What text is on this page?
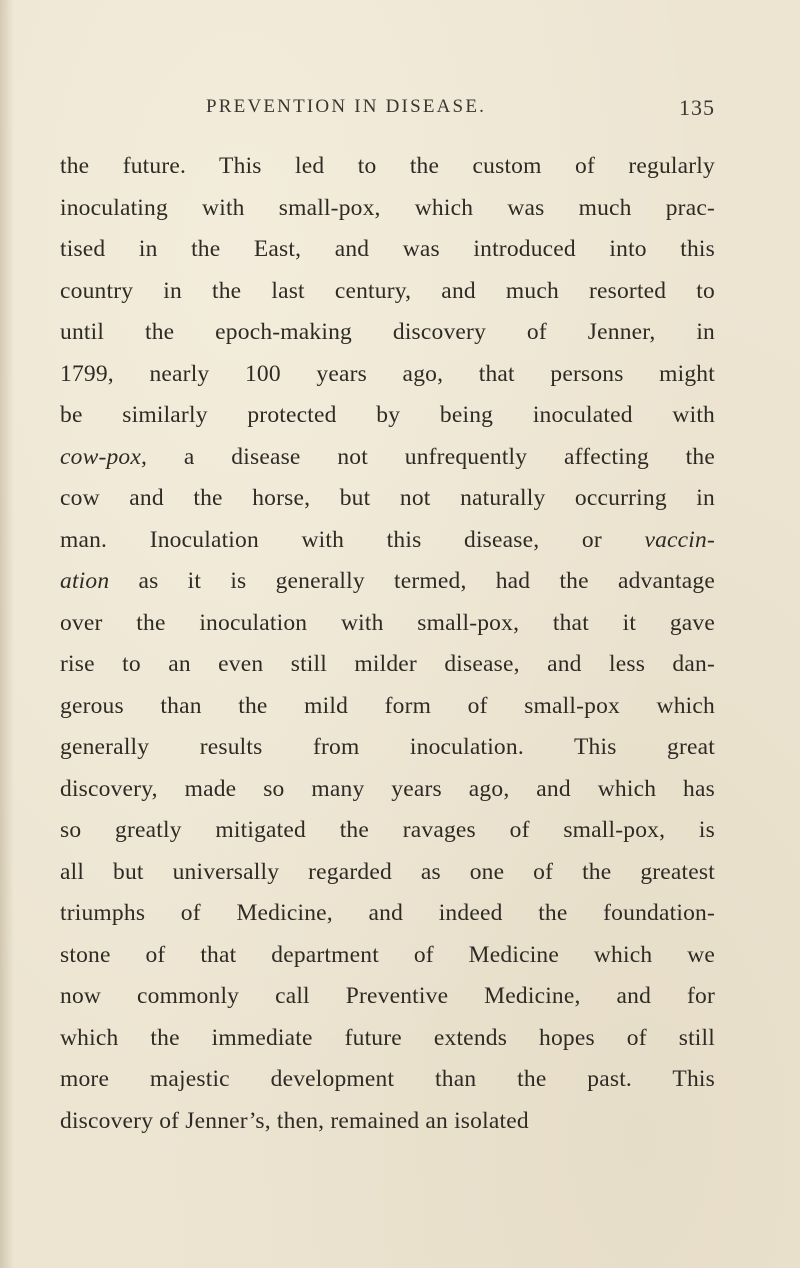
PREVENTION IN DISEASE.	135
the future. This led to the custom of regularly
inoculating with small-pox, which was much prac-
tised in the East, and was introduced into this
country in the last century, and much resorted to
until the epoch-making discovery of Jenner, in
1799, nearly 100 years ago, that persons might
be similarly protected by being inoculated with
cow-pox, a disease not unfrequently affecting the
cow and the horse, but not naturally occurring in
man. Inoculation with this disease, or vaccin-
ation as it is generally termed, had the advantage
over the inoculation with small-pox, that it gave
rise to an even still milder disease, and less dan-
gerous than the mild form of small-pox which
generally results from inoculation. This great
discovery, made so many years ago, and which has
so greatly mitigated the ravages of small-pox, is
all but universally regarded as one of the greatest
triumphs of Medicine, and indeed the foundation-
stone of that department of Medicine which we
now commonly call Preventive Medicine, and for
which the immediate future extends hopes of still
more majestic development than the past. This
discovery of Jenner’s, then, remained an isolated
